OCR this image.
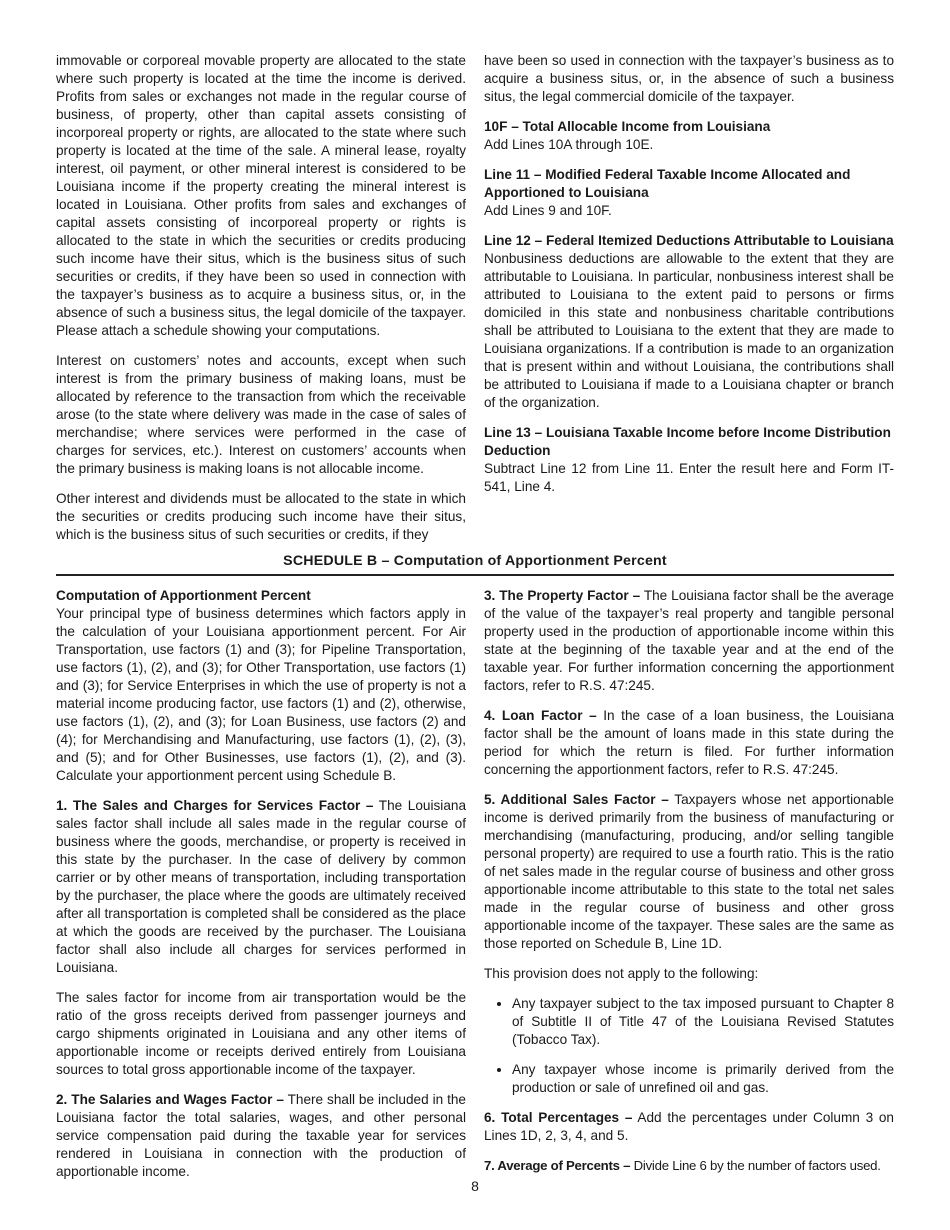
immovable or corporeal movable property are allocated to the state where such property is located at the time the income is derived. Profits from sales or exchanges not made in the regular course of business, of property, other than capital assets consisting of incorporeal property or rights, are allocated to the state where such property is located at the time of the sale. A mineral lease, royalty interest, oil payment, or other mineral interest is considered to be Louisiana income if the property creating the mineral interest is located in Louisiana. Other profits from sales and exchanges of capital assets consisting of incorporeal property or rights is allocated to the state in which the securities or credits producing such income have their situs, which is the business situs of such securities or credits, if they have been so used in connection with the taxpayer’s business as to acquire a business situs, or, in the absence of such a business situs, the legal domicile of the taxpayer. Please attach a schedule showing your computations.

Interest on customers’ notes and accounts, except when such interest is from the primary business of making loans, must be allocated by reference to the transaction from which the receivable arose (to the state where delivery was made in the case of sales of merchandise; where services were performed in the case of charges for services, etc.). Interest on customers’ accounts when the primary business is making loans is not allocable income.

Other interest and dividends must be allocated to the state in which the securities or credits producing such income have their situs, which is the business situs of such securities or credits, if they

have been so used in connection with the taxpayer’s business as to acquire a business situs, or, in the absence of such a business situs, the legal commercial domicile of the taxpayer.

10F – Total Allocable Income from Louisiana

Add Lines 10A through 10E.

Line 11 – Modified Federal Taxable Income Allocated and Apportioned to Louisiana

Add Lines 9 and 10F.

Line 12 – Federal Itemized Deductions Attributable to Louisiana

Nonbusiness deductions are allowable to the extent that they are attributable to Louisiana. In particular, nonbusiness interest shall be attributed to Louisiana to the extent paid to persons or firms domiciled in this state and nonbusiness charitable contributions shall be attributed to Louisiana to the extent that they are made to Louisiana organizations. If a contribution is made to an organization that is present within and without Louisiana, the contributions shall be attributed to Louisiana if made to a Louisiana chapter or branch of the organization.

Line 13 – Louisiana Taxable Income before Income Distribution Deduction

Subtract Line 12 from Line 11. Enter the result here and Form IT-541, Line 4.

SCHEDULE B – Computation of Apportionment Percent
Computation of Apportionment Percent

Your principal type of business determines which factors apply in the calculation of your Louisiana apportionment percent. For Air Transportation, use factors (1) and (3); for Pipeline Transportation, use factors (1), (2), and (3); for Other Transportation, use factors (1) and (3); for Service Enterprises in which the use of property is not a material income producing factor, use factors (1) and (2), otherwise, use factors (1), (2), and (3); for Loan Business, use factors (2) and (4); for Merchandising and Manufacturing, use factors (1), (2), (3), and (5); and for Other Businesses, use factors (1), (2), and (3). Calculate your apportionment percent using Schedule B.

1. The Sales and Charges for Services Factor – The Louisiana sales factor shall include all sales made in the regular course of business where the goods, merchandise, or property is received in this state by the purchaser. In the case of delivery by common carrier or by other means of transportation, including transportation by the purchaser, the place where the goods are ultimately received after all transportation is completed shall be considered as the place at which the goods are received by the purchaser. The Louisiana factor shall also include all charges for services performed in Louisiana.

The sales factor for income from air transportation would be the ratio of the gross receipts derived from passenger journeys and cargo shipments originated in Louisiana and any other items of apportionable income or receipts derived entirely from Louisiana sources to total gross apportionable income of the taxpayer.

2. The Salaries and Wages Factor – There shall be included in the Louisiana factor the total salaries, wages, and other personal service compensation paid during the taxable year for services rendered in Louisiana in connection with the production of apportionable income.

3. The Property Factor – The Louisiana factor shall be the average of the value of the taxpayer’s real property and tangible personal property used in the production of apportionable income within this state at the beginning of the taxable year and at the end of the taxable year. For further information concerning the apportionment factors, refer to R.S. 47:245.

4. Loan Factor – In the case of a loan business, the Louisiana factor shall be the amount of loans made in this state during the period for which the return is filed. For further information concerning the apportionment factors, refer to R.S. 47:245.

5. Additional Sales Factor – Taxpayers whose net apportionable income is derived primarily from the business of manufacturing or merchandising (manufacturing, producing, and/or selling tangible personal property) are required to use a fourth ratio. This is the ratio of net sales made in the regular course of business and other gross apportionable income attributable to this state to the total net sales made in the regular course of business and other gross apportionable income of the taxpayer. These sales are the same as those reported on Schedule B, Line 1D.

This provision does not apply to the following:

• Any taxpayer subject to the tax imposed pursuant to Chapter 8 of Subtitle II of Title 47 of the Louisiana Revised Statutes (Tobacco Tax).
• Any taxpayer whose income is primarily derived from the production or sale of unrefined oil and gas.

6. Total Percentages – Add the percentages under Column 3 on Lines 1D, 2, 3, 4, and 5.

7. Average of Percents – Divide Line 6 by the number of factors used.

8
